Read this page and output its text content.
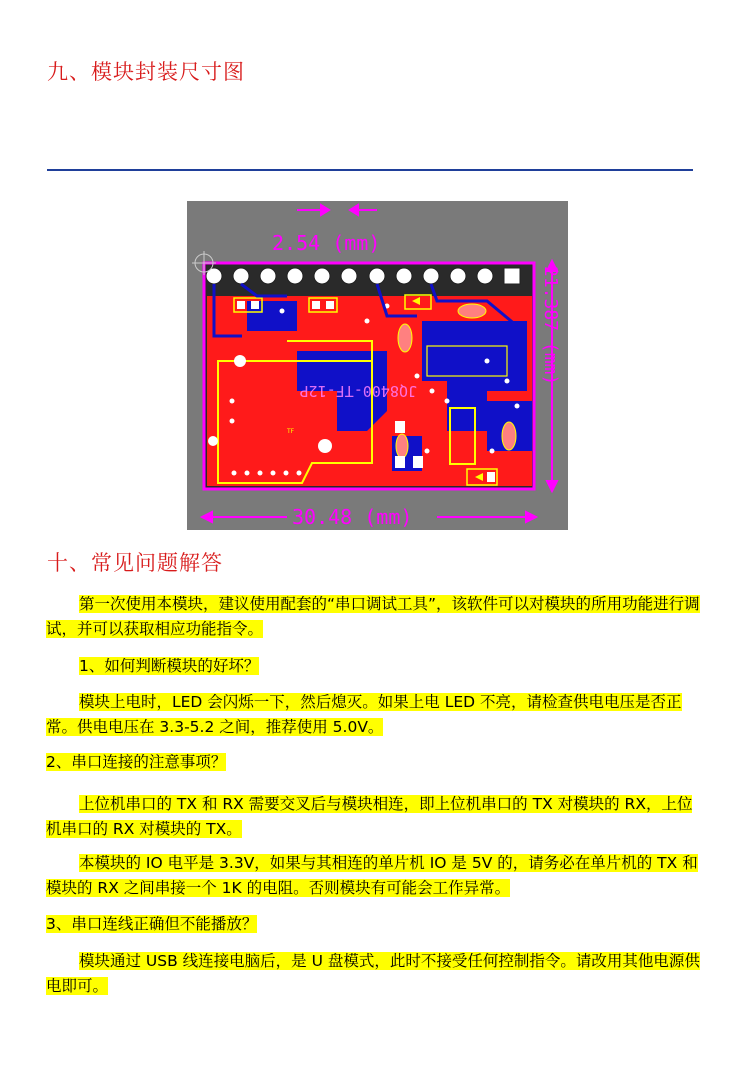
九、模块封装尺寸图
JQ8400-TF-12P
TF
2.54 (mm)
21.387 (mm)
30.48 (mm)
十、常见问题解答
第一次使用本模块，建议使用配套的“串口调试工具”，该软件可以对模块的所用功能进行调试，并可以获取相应功能指令。
1、如何判断模块的好坏？
模块上电时，LED 会闪烁一下，然后熄灭。如果上电 LED 不亮，请检查供电电压是否正常。供电电压在 3.3-5.2 之间，推荐使用 5.0V。
2、串口连接的注意事项？
上位机串口的 TX 和 RX 需要交叉后与模块相连，即上位机串口的 TX 对模块的 RX，上位机串口的 RX 对模块的 TX。
本模块的 IO 电平是 3.3V，如果与其相连的单片机 IO 是 5V 的，请务必在单片机的 TX 和模块的 RX 之间串接一个 1K 的电阻。否则模块有可能会工作异常。
3、串口连线正确但不能播放？
模块通过 USB 线连接电脑后，是 U 盘模式，此时不接受任何控制指令。请改用其他电源供电即可。
